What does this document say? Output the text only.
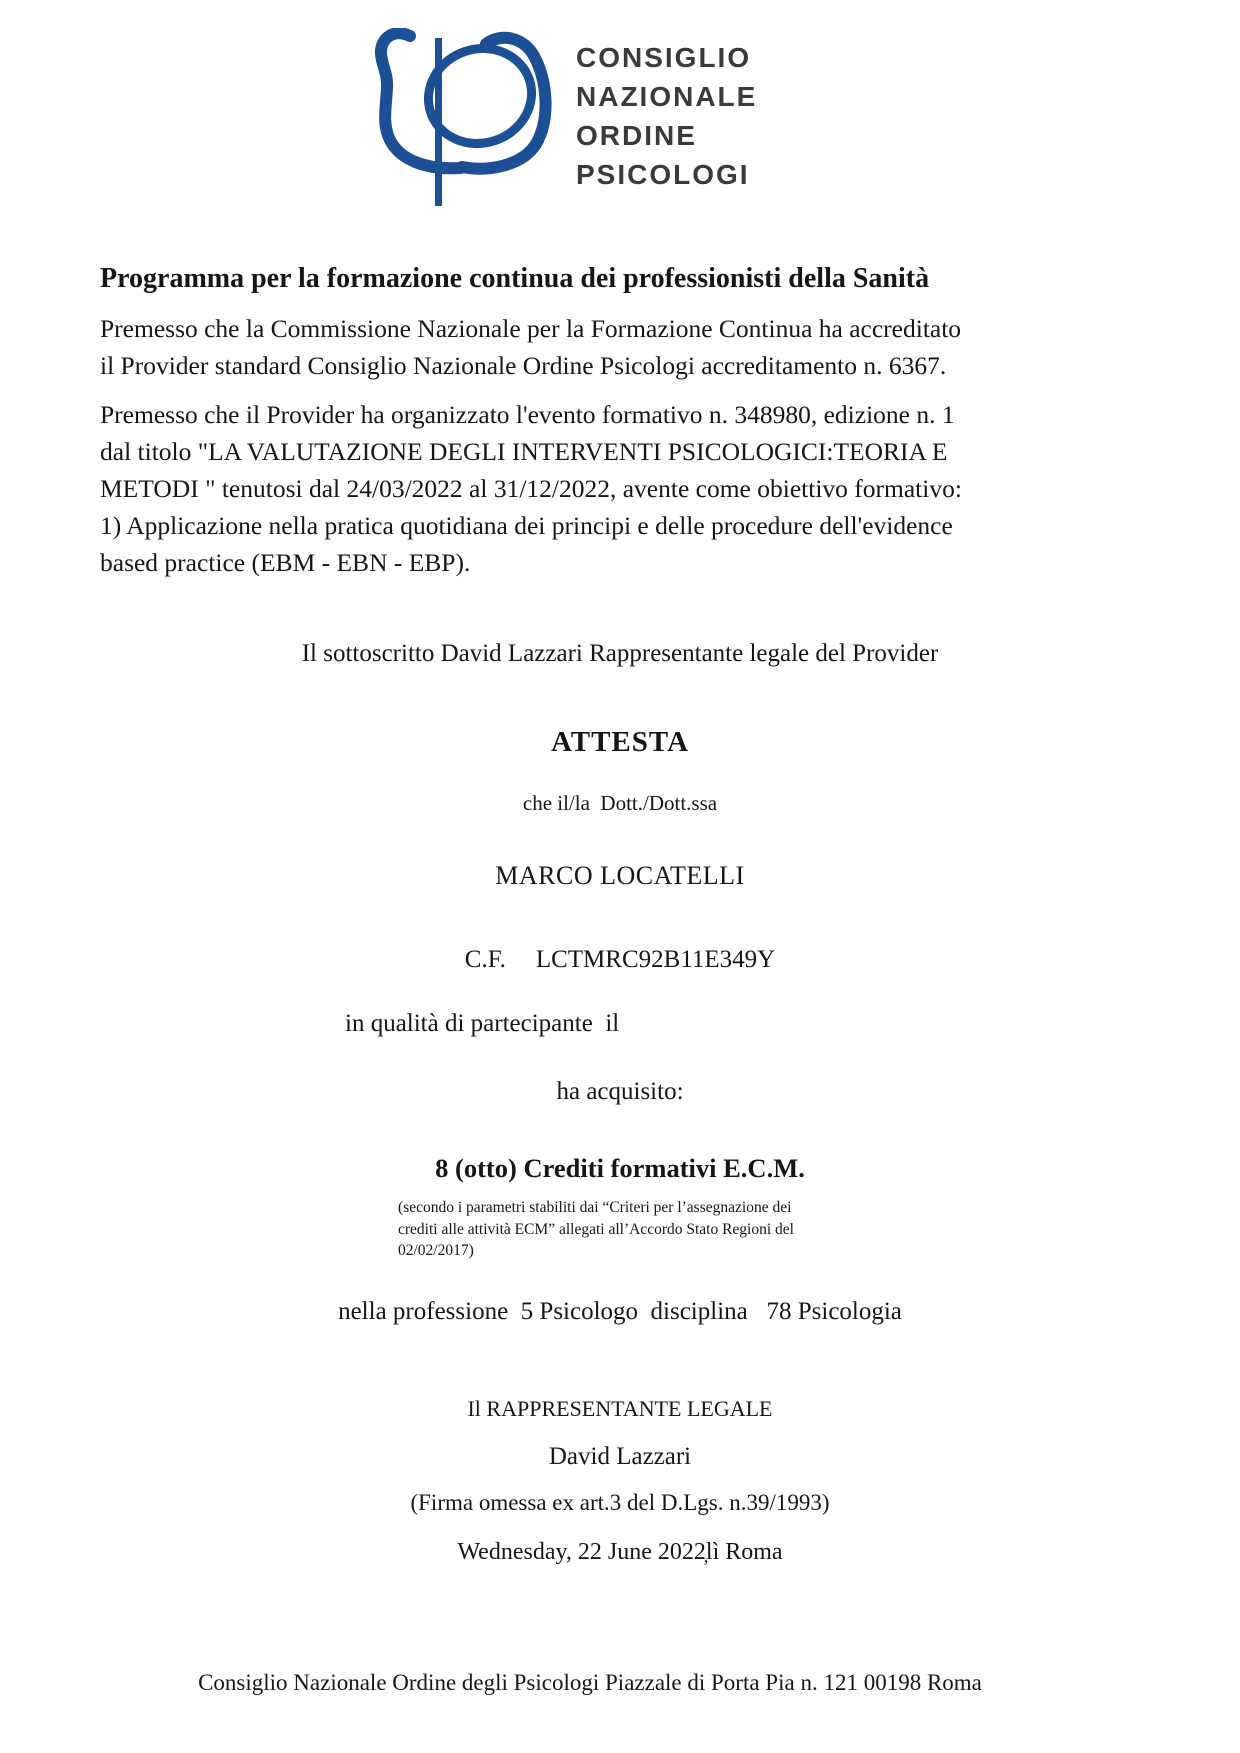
CONSIGLIO
NAZIONALE
ORDINE
PSICOLOGI
Programma per la formazione continua dei professionisti della Sanità
Premesso che la Commissione Nazionale per la Formazione Continua ha accreditato
il Provider standard Consiglio Nazionale Ordine Psicologi accreditamento n. 6367.
Premesso che il Provider ha organizzato l'evento formativo n. 348980, edizione n. 1
dal titolo "LA VALUTAZIONE DEGLI INTERVENTI PSICOLOGICI:TEORIA E
METODI " tenutosi dal 24/03/2022 al 31/12/2022, avente come obiettivo formativo:
1) Applicazione nella pratica quotidiana dei principi e delle procedure dell'evidence
based practice (EBM - EBN - EBP).
Il sottoscritto David Lazzari Rappresentante legale del Provider
ATTESTA
che il/la  Dott./Dott.ssa
MARCO LOCATELLI
C.F. LCTMRC92B11E349Y
in qualità di partecipante  il
ha acquisito:
8 (otto) Crediti formativi E.C.M.
(secondo i parametri stabiliti dai “Criteri per l’assegnazione dei
crediti alle attività ECM” allegati all’Accordo Stato Regioni del
02/02/2017)
nella professione  5 Psicologo  disciplina   78 Psicologia
Il RAPPRESENTANTE LEGALE
David Lazzari
(Firma omessa ex art.3 del D.Lgs. n.39/1993)
Wednesday, 22 June 2022̦lì Roma
Consiglio Nazionale Ordine degli Psicologi Piazzale di Porta Pia n. 121 00198 Roma
